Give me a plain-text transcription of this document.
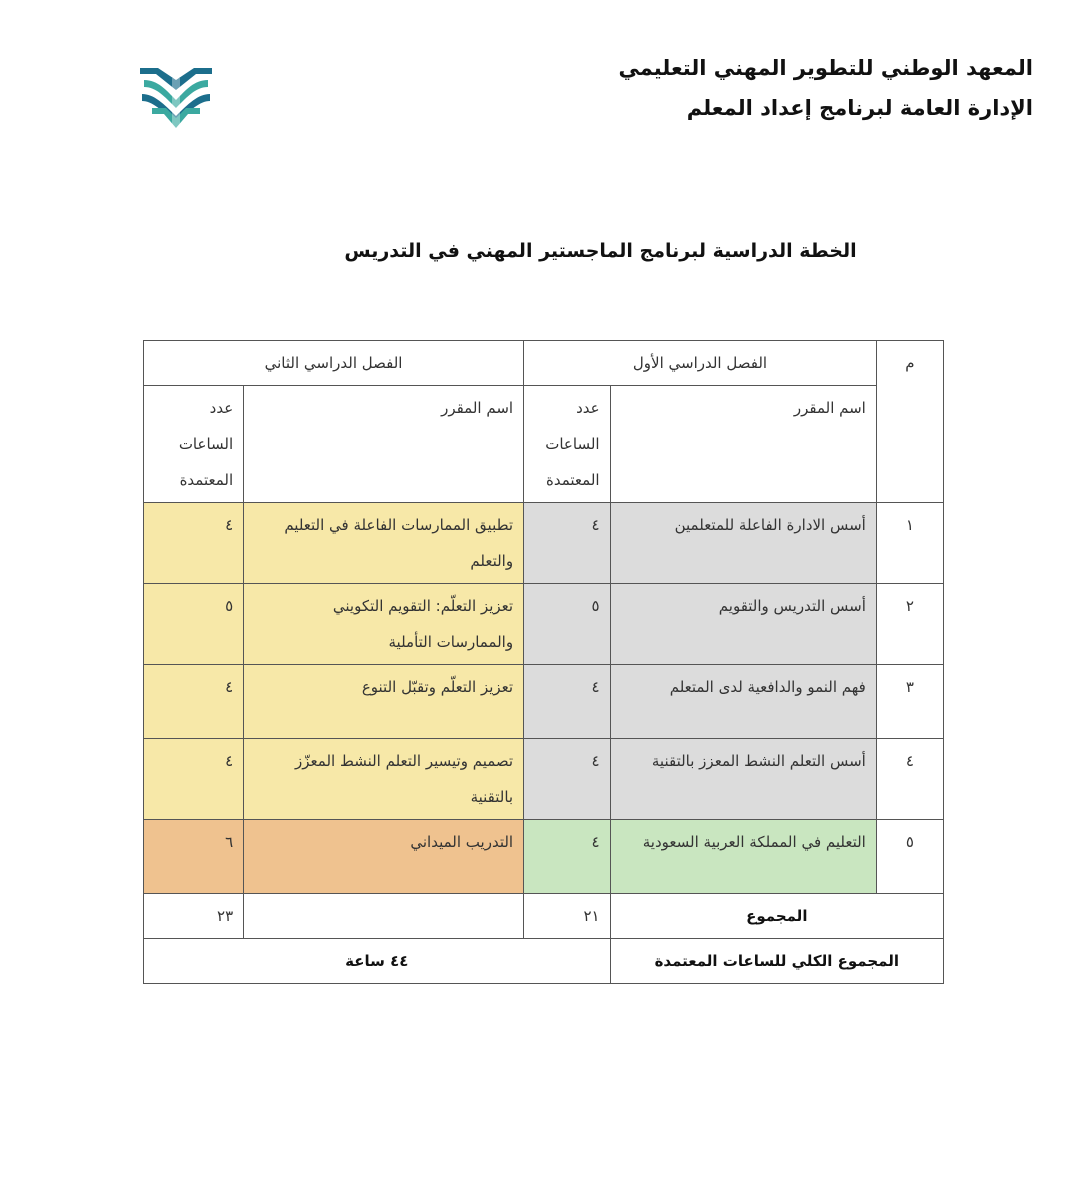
المعهد الوطني للتطوير المهني التعليمي
الإدارة العامة لبرنامج إعداد المعلم
الخطة الدراسية لبرنامج الماجستير المهني في التدريس
م	الفصل الدراسي الأول		الفصل الدراسي الثاني	
	اسم المقرر	عدد الساعات المعتمدة	اسم المقرر	عدد الساعات المعتمدة
١	أسس الادارة الفاعلة للمتعلمين	٤	تطبيق الممارسات الفاعلة في التعليم والتعلم	٤
٢	أسس التدريس والتقويم	٥	تعزيز التعلّم: التقويم التكويني والممارسات التأملية	٥
٣	فهم النمو والدافعية لدى المتعلم	٤	تعزيز التعلّم وتقبّل التنوع	٤
٤	أسس التعلم النشط المعزز بالتقنية	٤	تصميم وتيسير التعلم النشط المعزّز بالتقنية	٤
٥	التعليم في المملكة العربية السعودية	٤	التدريب الميداني	٦
المجموع		٢١		٢٣
المجموع الكلي للساعات المعتمدة		٤٤ ساعة		
